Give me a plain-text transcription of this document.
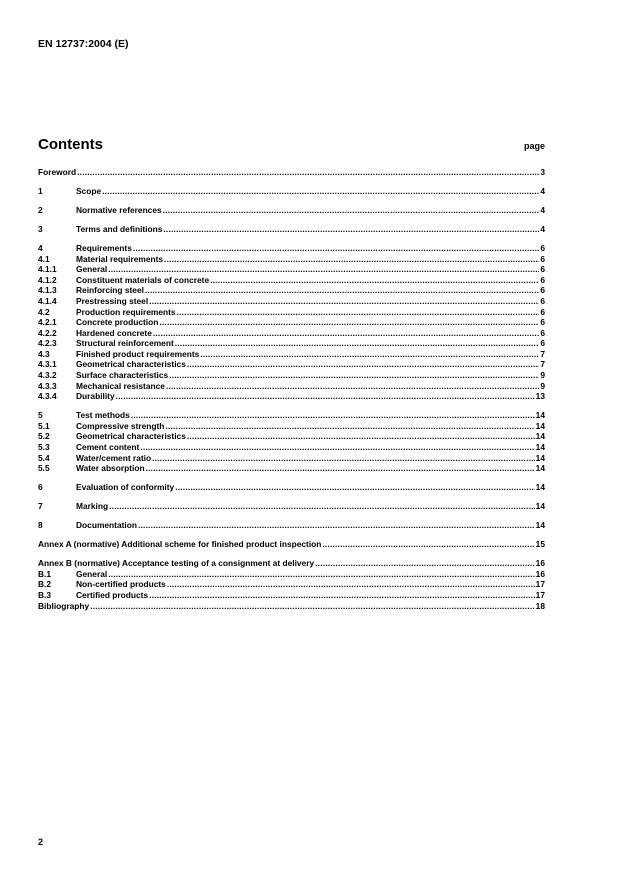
EN 12737:2004 (E)
Contents	page
Foreword .....	3
1	Scope .....	4
2	Normative references .....	4
3	Terms and definitions .....	4
4	Requirements .....	6
4.1	Material requirements .....	6
4.1.1	General .....	6
4.1.2	Constituent materials of concrete .....	6
4.1.3	Reinforcing steel .....	6
4.1.4	Prestressing steel .....	6
4.2	Production requirements .....	6
4.2.1	Concrete production .....	6
4.2.2	Hardened concrete .....	6
4.2.3	Structural reinforcement .....	6
4.3	Finished product requirements .....	7
4.3.1	Geometrical characteristics .....	7
4.3.2	Surface characteristics .....	9
4.3.3	Mechanical resistance .....	9
4.3.4	Durability .....	13
5	Test methods .....	14
5.1	Compressive strength .....	14
5.2	Geometrical characteristics .....	14
5.3	Cement content .....	14
5.4	Water/cement ratio .....	14
5.5	Water absorption .....	14
6	Evaluation of conformity .....	14
7	Marking .....	14
8	Documentation .....	14
Annex A (normative) Additional scheme for finished product inspection .....	15
Annex B (normative) Acceptance testing of a consignment at delivery .....	16
B.1	General .....	16
B.2	Non-certified products .....	17
B.3	Certified products .....	17
Bibliography .....	18
2
